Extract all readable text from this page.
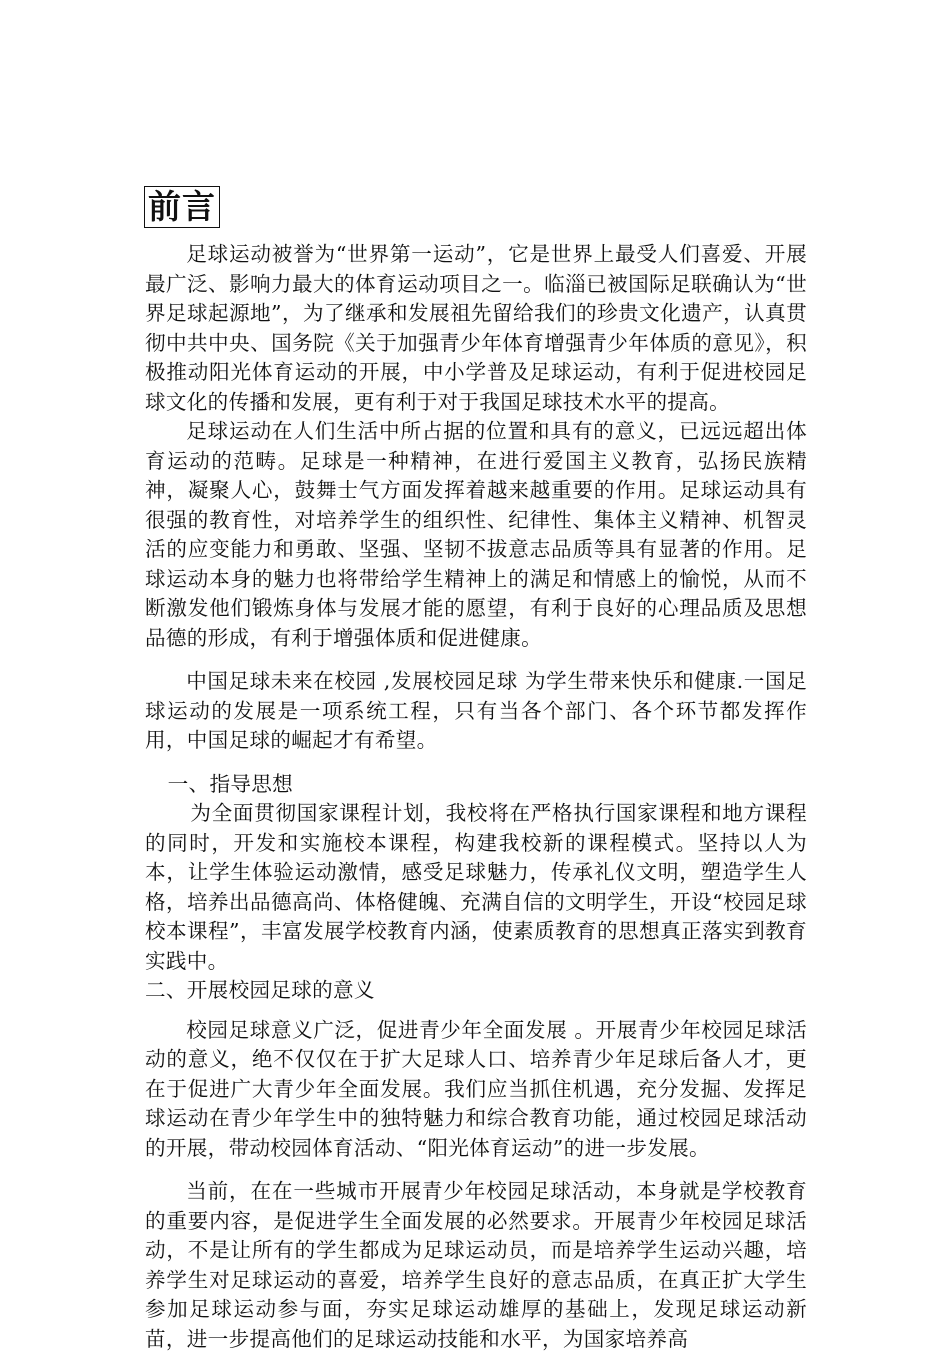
前言

足球运动被誉为“世界第一运动”，它是世界上最受人们喜爱、开展最广泛、影响力最大的体育运动项目之一。临淄已被国际足联确认为“世界足球起源地”，为了继承和发展祖先留给我们的珍贵文化遗产，认真贯彻中共中央、国务院《关于加强青少年体育增强青少年体质的意见》，积极推动阳光体育运动的开展，中小学普及足球运动，有利于促进校园足球文化的传播和发展，更有利于对于我国足球技术水平的提高。

足球运动在人们生活中所占据的位置和具有的意义，已远远超出体育运动的范畴。足球是一种精神，在进行爱国主义教育，弘扬民族精神，凝聚人心，鼓舞士气方面发挥着越来越重要的作用。足球运动具有很强的教育性，对培养学生的组织性、纪律性、集体主义精神、机智灵活的应变能力和勇敢、坚强、坚韧不拔意志品质等具有显著的作用。足球运动本身的魅力也将带给学生精神上的满足和情感上的愉悦，从而不断激发他们锻炼身体与发展才能的愿望，有利于良好的心理品质及思想品德的形成，有利于增强体质和促进健康。

中国足球未来在校园 ,发展校园足球 为学生带来快乐和健康.一国足球运动的发展是一项系统工程，只有当各个部门、各个环节都发挥作用，中国足球的崛起才有希望。

一、指导思想

为全面贯彻国家课程计划，我校将在严格执行国家课程和地方课程的同时，开发和实施校本课程，构建我校新的课程模式。坚持以人为本，让学生体验运动激情，感受足球魅力，传承礼仪文明，塑造学生人格，培养出品德高尚、体格健魄、充满自信的文明学生，开设“校园足球校本课程”，丰富发展学校教育内涵，使素质教育的思想真正落实到教育实践中。

二、开展校园足球的意义

校园足球意义广泛，促进青少年全面发展 。开展青少年校园足球活动的意义，绝不仅仅在于扩大足球人口、培养青少年足球后备人才，更在于促进广大青少年全面发展。我们应当抓住机遇，充分发掘、发挥足球运动在青少年学生中的独特魅力和综合教育功能，通过校园足球活动的开展，带动校园体育活动、“阳光体育运动”的进一步发展。

当前，在在一些城市开展青少年校园足球活动，本身就是学校教育的重要内容，是促进学生全面发展的必然要求。开展青少年校园足球活动，不是让所有的学生都成为足球运动员，而是培养学生运动兴趣，培养学生对足球运动的喜爱，培养学生良好的意志品质，在真正扩大学生参加足球运动参与面，夯实足球运动雄厚的基础上，发现足球运动新苗，进一步提高他们的足球运动技能和水平，为国家培养高
